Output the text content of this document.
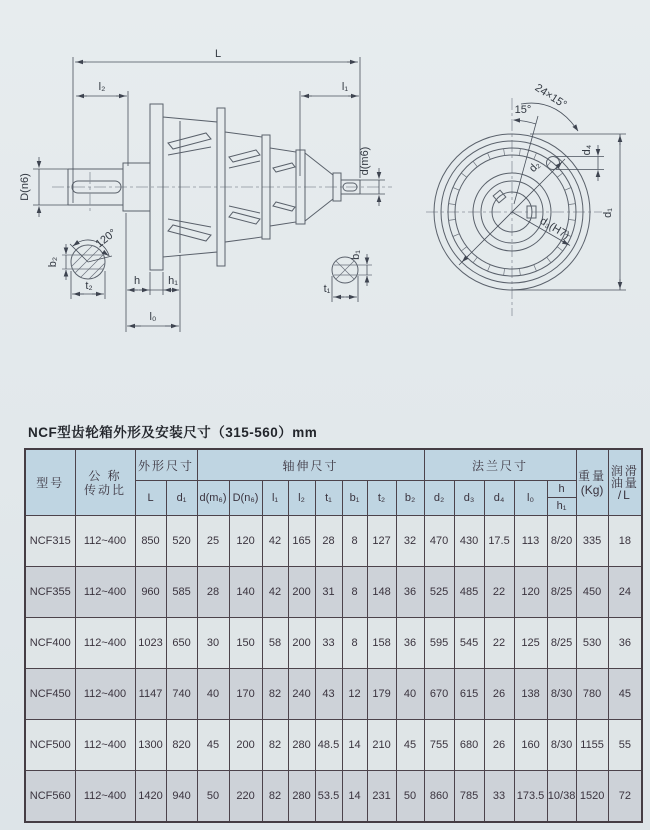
L
l₂	l₁
D(n6)
d(m6)
h	h₁
l₀
b₂
120°
t₂
b₁
t₁
d₄
d₁
15° 24×15°
d₂
d₃(H7)
NCF型齿轮箱外形及安装尺寸（315-560）mm
型号	
公 称
传动比
	外形尺寸	轴伸尺寸	法兰尺寸	
重量
(Kg)

润滑
油量
/L

		L	d₁	d(m₆)	D(n₆)	l₁	l₂	t₁	b₁	t₂	b₂	d₂	d₃	d₄	l₀	h
h₁		

NCF315	112~400	850	520	25	120	42	165	28	8	127	32	470	430	17.5	113	8/20	335	18
NCF355	112~400	960	585	28	140	42	200	31	8	148	36	525	485	22	120	8/25	450	24
NCF400	112~400	1023	650	30	150	58	200	33	8	158	36	595	545	22	125	8/25	530	36
NCF450	112~400	1147	740	40	170	82	240	43	12	179	40	670	615	26	138	8/30	780	45
NCF500	112~400	1300	820	45	200	82	280	48.5	14	210	45	755	680	26	160	8/30	1155	55
NCF560	112~400	1420	940	50	220	82	280	53.5	14	231	50	860	785	33	173.5	10/38	1520	72
